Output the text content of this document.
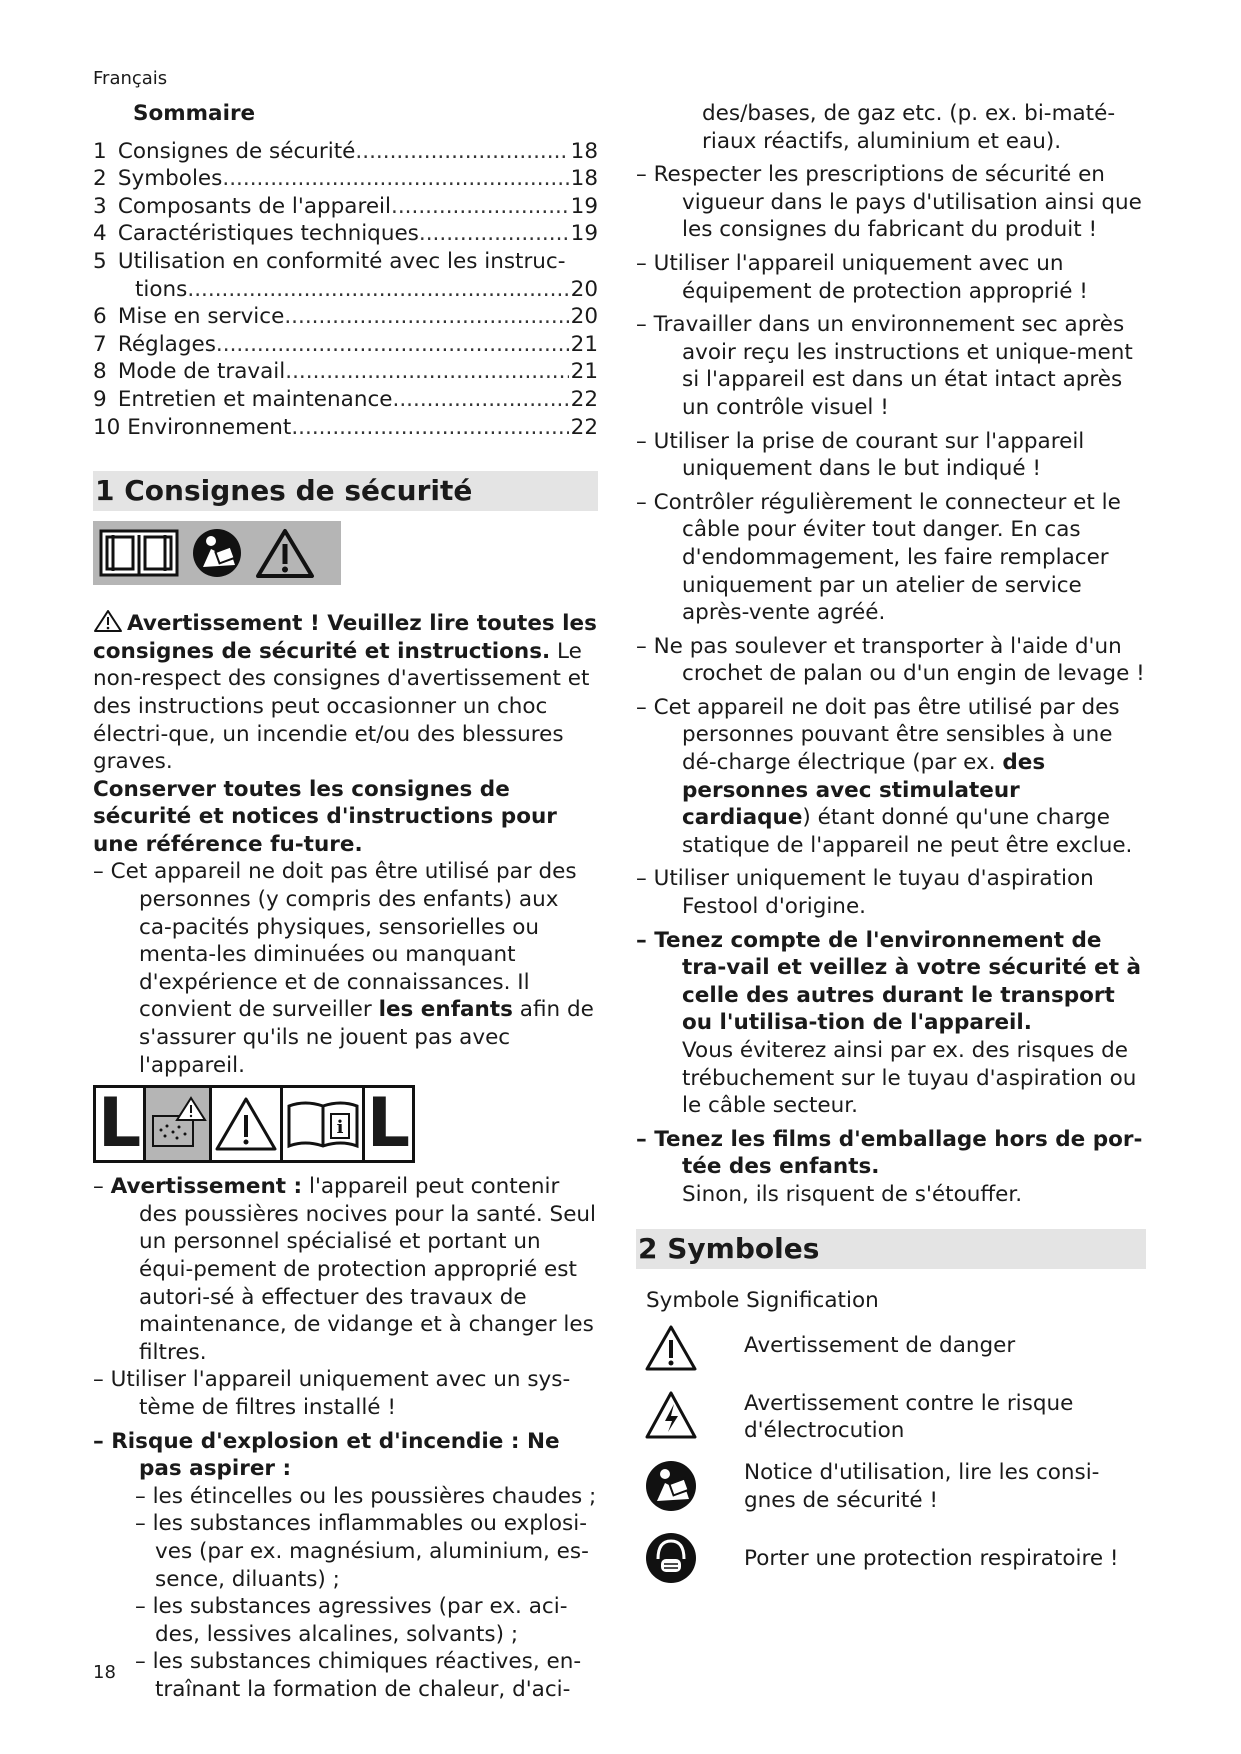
Français
Sommaire
1
Consignes de sécurité .....	18
2
Symboles .....	18
3
Composants de l'appareil .....	19
4
Caractéristiques techniques .....	19
5
Utilisation en conformité avec les instruc-
tions .....	20
6
Mise en service .....	20
7
Réglages .....	21
8
Mode de travail .....	21
9
Entretien et maintenance .....	22
10
Environnement .....	22
1 Consignes de sécurité

Avertissement ! Veuillez lire toutes les consignes de sécurité et instructions. Le non-respect des consignes d'avertissement et des instructions peut occasionner un choc électri-que, un incendie et/ou des blessures graves.

Conserver toutes les consignes de sécurité et notices d'instructions pour une référence fu-ture.

– Cet appareil ne doit pas être utilisé par des personnes (y compris des enfants) aux ca-pacités physiques, sensorielles ou menta-les diminuées ou manquant d'expérience et de connaissances. Il convient de surveiller les enfants afin de s'assurer qu'ils ne jouent pas avec l'appareil.

L	i L

– Avertissement : l'appareil peut contenir des poussières nocives pour la santé. Seul un personnel spécialisé et portant un équi-pement de protection approprié est autori-sé à effectuer des travaux de maintenance, de vidange et à changer les filtres.

– Utiliser l'appareil uniquement avec un sys-tème de filtres installé !

– Risque d'explosion et d'incendie : Ne pas aspirer :

– les étincelles ou les poussières chaudes ;

– les substances inflammables ou explosi-ves (par ex. magnésium, aluminium, es-sence, diluants) ;

– les substances agressives (par ex. aci-des, lessives alcalines, solvants) ;

– les substances chimiques réactives, en-traînant la formation de chaleur, d'aci-

des/bases, de gaz etc. (p. ex. bi-maté-riaux réactifs, aluminium et eau).

– Respecter les prescriptions de sécurité en vigueur dans le pays d'utilisation ainsi que les consignes du fabricant du produit !

– Utiliser l'appareil uniquement avec un équipement de protection approprié !

– Travailler dans un environnement sec après avoir reçu les instructions et unique-ment si l'appareil est dans un état intact après un contrôle visuel !

– Utiliser la prise de courant sur l'appareil uniquement dans le but indiqué !

– Contrôler régulièrement le connecteur et le câble pour éviter tout danger. En cas d'endommagement, les faire remplacer uniquement par un atelier de service après-vente agréé.

– Ne pas soulever et transporter à l'aide d'un crochet de palan ou d'un engin de levage !

– Cet appareil ne doit pas être utilisé par des personnes pouvant être sensibles à une dé-charge électrique (par ex. des personnes avec stimulateur cardiaque) étant donné qu'une charge statique de l'appareil ne peut être exclue.

– Utiliser uniquement le tuyau d'aspiration Festool d'origine.

– Tenez compte de l'environnement de tra-vail et veillez à votre sécurité et à celle des autres durant le transport ou l'utilisa-tion de l'appareil.

Vous éviterez ainsi par ex. des risques de trébuchement sur le tuyau d'aspiration ou le câble secteur.

– Tenez les films d'emballage hors de por-tée des enfants.

Sinon, ils risquent de s'étouffer.

2 Symboles
Symbole Signification
Avertissement de danger
Avertissement contre le risque d'électrocution
Notice d'utilisation, lire les consi-gnes de sécurité !
Porter une protection respiratoire !
18
